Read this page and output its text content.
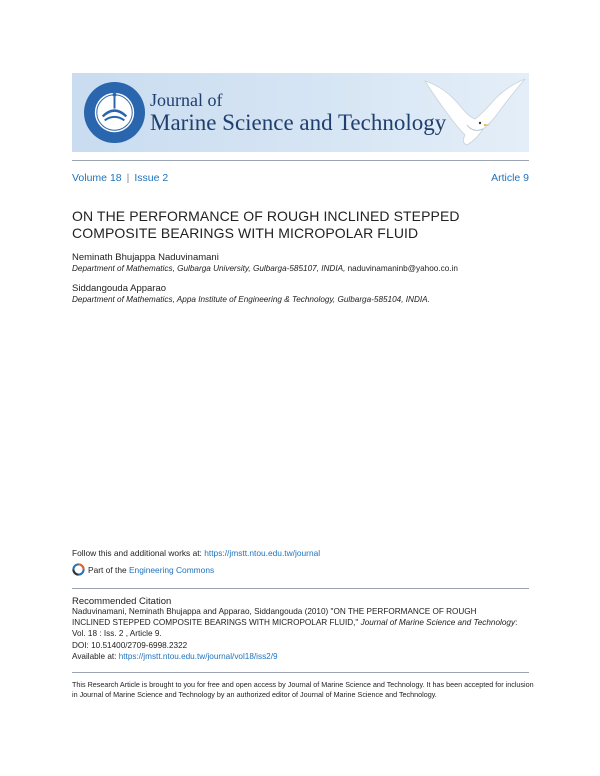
Journal of
Marine Science and Technology
Volume 18 | Issue 2	Article 9
ON THE PERFORMANCE OF ROUGH INCLINED STEPPED COMPOSITE BEARINGS WITH MICROPOLAR FLUID
Neminath Bhujappa Naduvinamani
Department of Mathematics, Gulbarga University, Gulbarga-585107, INDIA, naduvinamaninb@yahoo.co.in
Siddangouda Apparao
Department of Mathematics, Appa Institute of Engineering & Technology, Gulbarga-585104, INDIA.
Follow this and additional works at: https://jmstt.ntou.edu.tw/journal
Part of the
Engineering Commons
Recommended Citation
Naduvinamani, Neminath Bhujappa and Apparao, Siddangouda (2010) "ON THE PERFORMANCE OF ROUGH
INCLINED STEPPED COMPOSITE BEARINGS WITH MICROPOLAR FLUID," Journal of Marine Science and Technology:
Vol. 18 : Iss. 2 , Article 9.
DOI: 10.51400/2709-6998.2322
Available at: https://jmstt.ntou.edu.tw/journal/vol18/iss2/9
This Research Article is brought to you for free and open access by Journal of Marine Science and Technology. It has been accepted for inclusion in Journal of Marine Science and Technology by an authorized editor of Journal of Marine Science and Technology.
